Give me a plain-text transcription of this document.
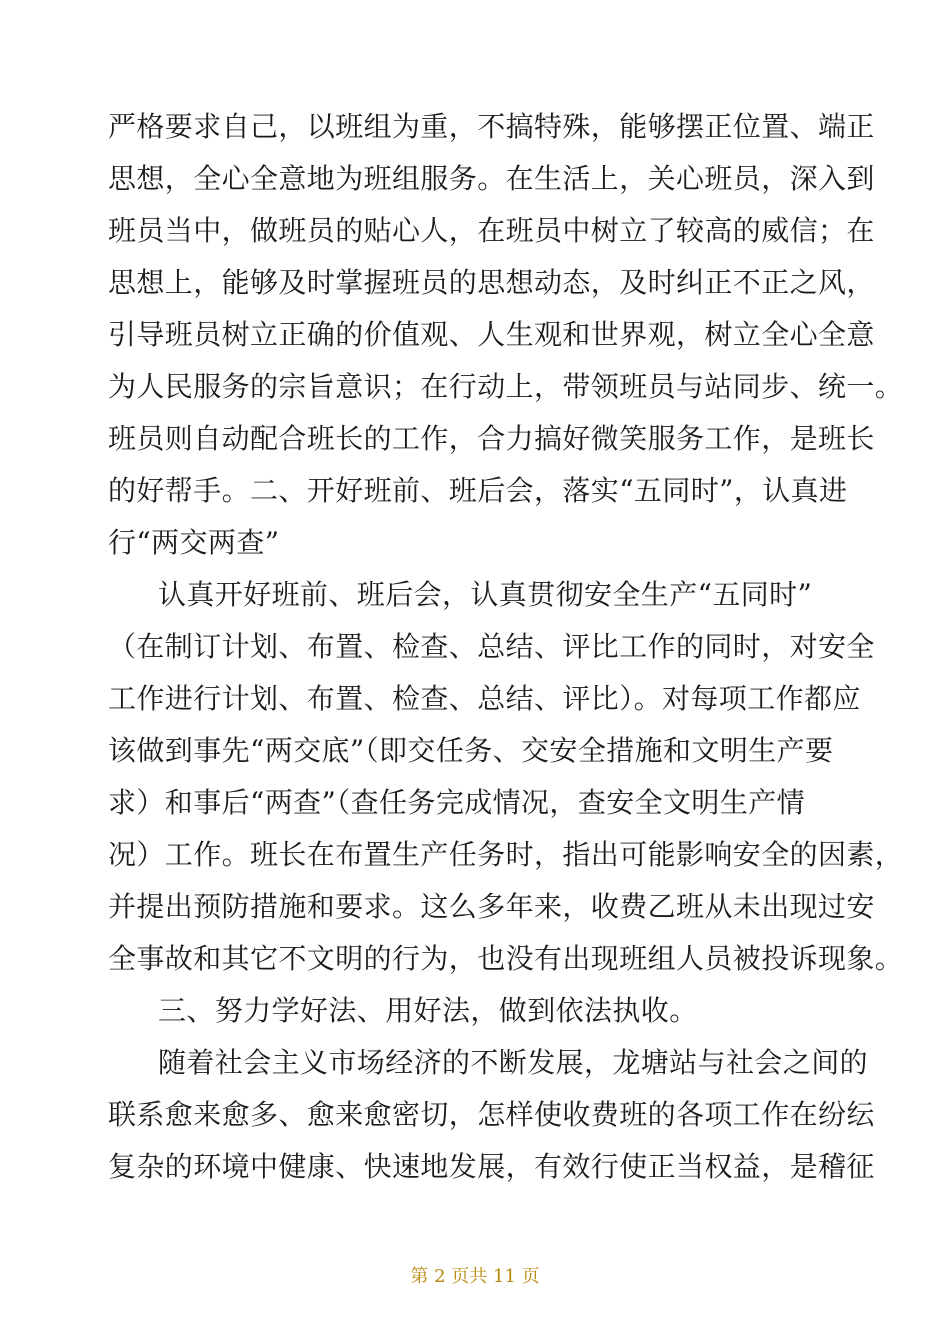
严格要求自己，以班组为重，不搞特殊，能够摆正位置、端正
思想，全心全意地为班组服务。在生活上，关心班员，深入到
班员当中，做班员的贴心人，在班员中树立了较高的威信；在
思想上，能够及时掌握班员的思想动态，及时纠正不正之风，
引导班员树立正确的价值观、人生观和世界观，树立全心全意
为人民服务的宗旨意识；在行动上，带领班员与站同步、统一。
班员则自动配合班长的工作，合力搞好微笑服务工作，是班长
的好帮手。二、开好班前、班后会，落实“五同时”，认真进
行“两交两查”
认真开好班前、班后会，认真贯彻安全生产“五同时”
（在制订计划、布置、检查、总结、评比工作的同时，对安全
工作进行计划、布置、检查、总结、评比）。对每项工作都应
该做到事先“两交底”（即交任务、交安全措施和文明生产要
求）和事后“两查”（查任务完成情况，查安全文明生产情
况）工作。班长在布置生产任务时，指出可能影响安全的因素，
并提出预防措施和要求。这么多年来，收费乙班从未出现过安
全事故和其它不文明的行为，也没有出现班组人员被投诉现象。
三、努力学好法、用好法，做到依法执收。
随着社会主义市场经济的不断发展，龙塘站与社会之间的
联系愈来愈多、愈来愈密切，怎样使收费班的各项工作在纷纭
复杂的环境中健康、快速地发展，有效行使正当权益，是稽征
第 2 页共 11 页
